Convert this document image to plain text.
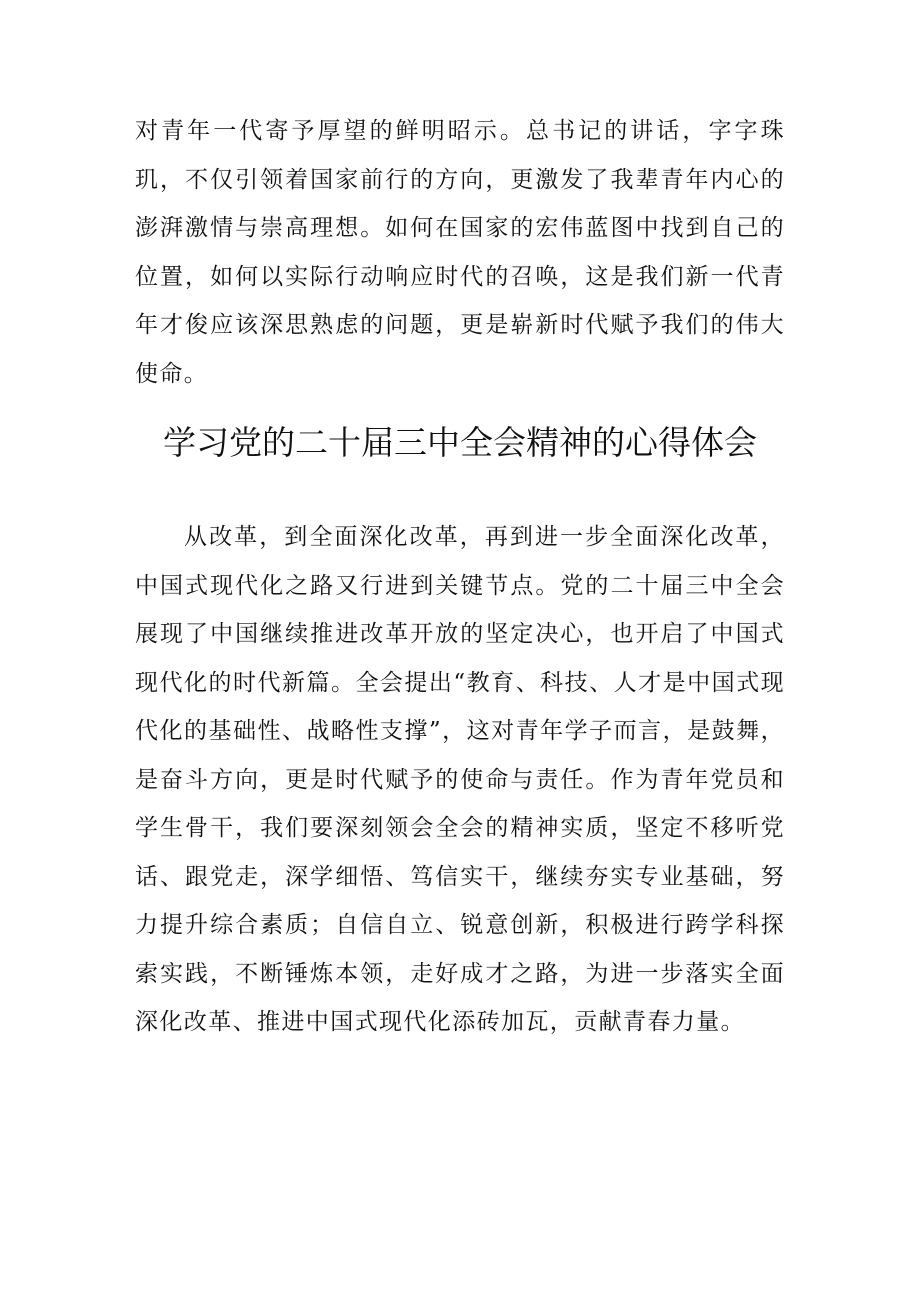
对青年一代寄予厚望的鲜明昭示。总书记的讲话，字字珠玑，不仅引领着国家前行的方向，更激发了我辈青年内心的澎湃激情与崇高理想。如何在国家的宏伟蓝图中找到自己的位置，如何以实际行动响应时代的召唤，这是我们新一代青年才俊应该深思熟虑的问题，更是崭新时代赋予我们的伟大使命。

学习党的二十届三中全会精神的心得体会

从改革，到全面深化改革，再到进一步全面深化改革，中国式现代化之路又行进到关键节点。党的二十届三中全会展现了中国继续推进改革开放的坚定决心，也开启了中国式现代化的时代新篇。全会提出“教育、科技、人才是中国式现代化的基础性、战略性支撑”，这对青年学子而言，是鼓舞，是奋斗方向，更是时代赋予的使命与责任。作为青年党员和学生骨干，我们要深刻领会全会的精神实质，坚定不移听党话、跟党走，深学细悟、笃信实干，继续夯实专业基础，努力提升综合素质；自信自立、锐意创新，积极进行跨学科探索实践，不断锤炼本领，走好成才之路，为进一步落实全面深化改革、推进中国式现代化添砖加瓦，贡献青春力量。
